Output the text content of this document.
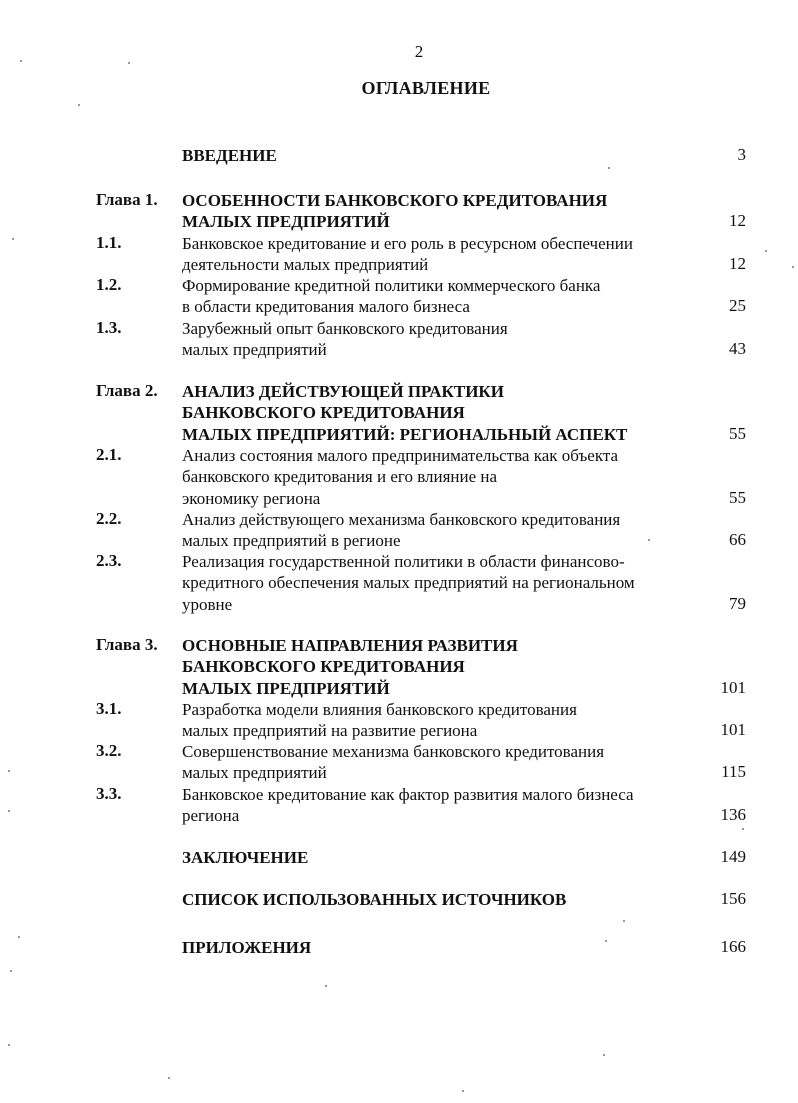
2
ОГЛАВЛЕНИЕ
ВВЕДЕНИЕ	3
Глава 1. ОСОБЕННОСТИ БАНКОВСКОГО КРЕДИТОВАНИЯ
МАЛЫХ ПРЕДПРИЯТИЙ	12
1.1.	Банковское кредитование и его роль в ресурсном обеспечении
деятельности малых предприятий	12
1.2.	Формирование кредитной политики коммерческого банка
в области кредитования малого бизнеса	25
1.3.	Зарубежный опыт банковского кредитования
малых предприятий	43
Глава 2. АНАЛИЗ ДЕЙСТВУЮЩЕЙ ПРАКТИКИ
БАНКОВСКОГО КРЕДИТОВАНИЯ
МАЛЫХ ПРЕДПРИЯТИЙ: РЕГИОНАЛЬНЫЙ АСПЕКТ	55
2.1.	Анализ состояния малого предпринимательства как объекта
банковского кредитования и его влияние на
экономику региона	55
2.2.	Анализ действующего механизма банковского кредитования
малых предприятий в регионе	66
2.3.	Реализация государственной политики в области финансово-
кредитного обеспечения малых предприятий на региональном
уровне	79
Глава 3. ОСНОВНЫЕ НАПРАВЛЕНИЯ РАЗВИТИЯ
БАНКОВСКОГО КРЕДИТОВАНИЯ
МАЛЫХ ПРЕДПРИЯТИЙ	101
3.1.	Разработка модели влияния банковского кредитования
малых предприятий на развитие региона	101
3.2.	Совершенствование механизма банковского кредитования
малых предприятий	115
3.3.	Банковское кредитование как фактор развития малого бизнеса
региона	136
ЗАКЛЮЧЕНИЕ	149
СПИСОК ИСПОЛЬЗОВАННЫХ ИСТОЧНИКОВ	156
ПРИЛОЖЕНИЯ	166
